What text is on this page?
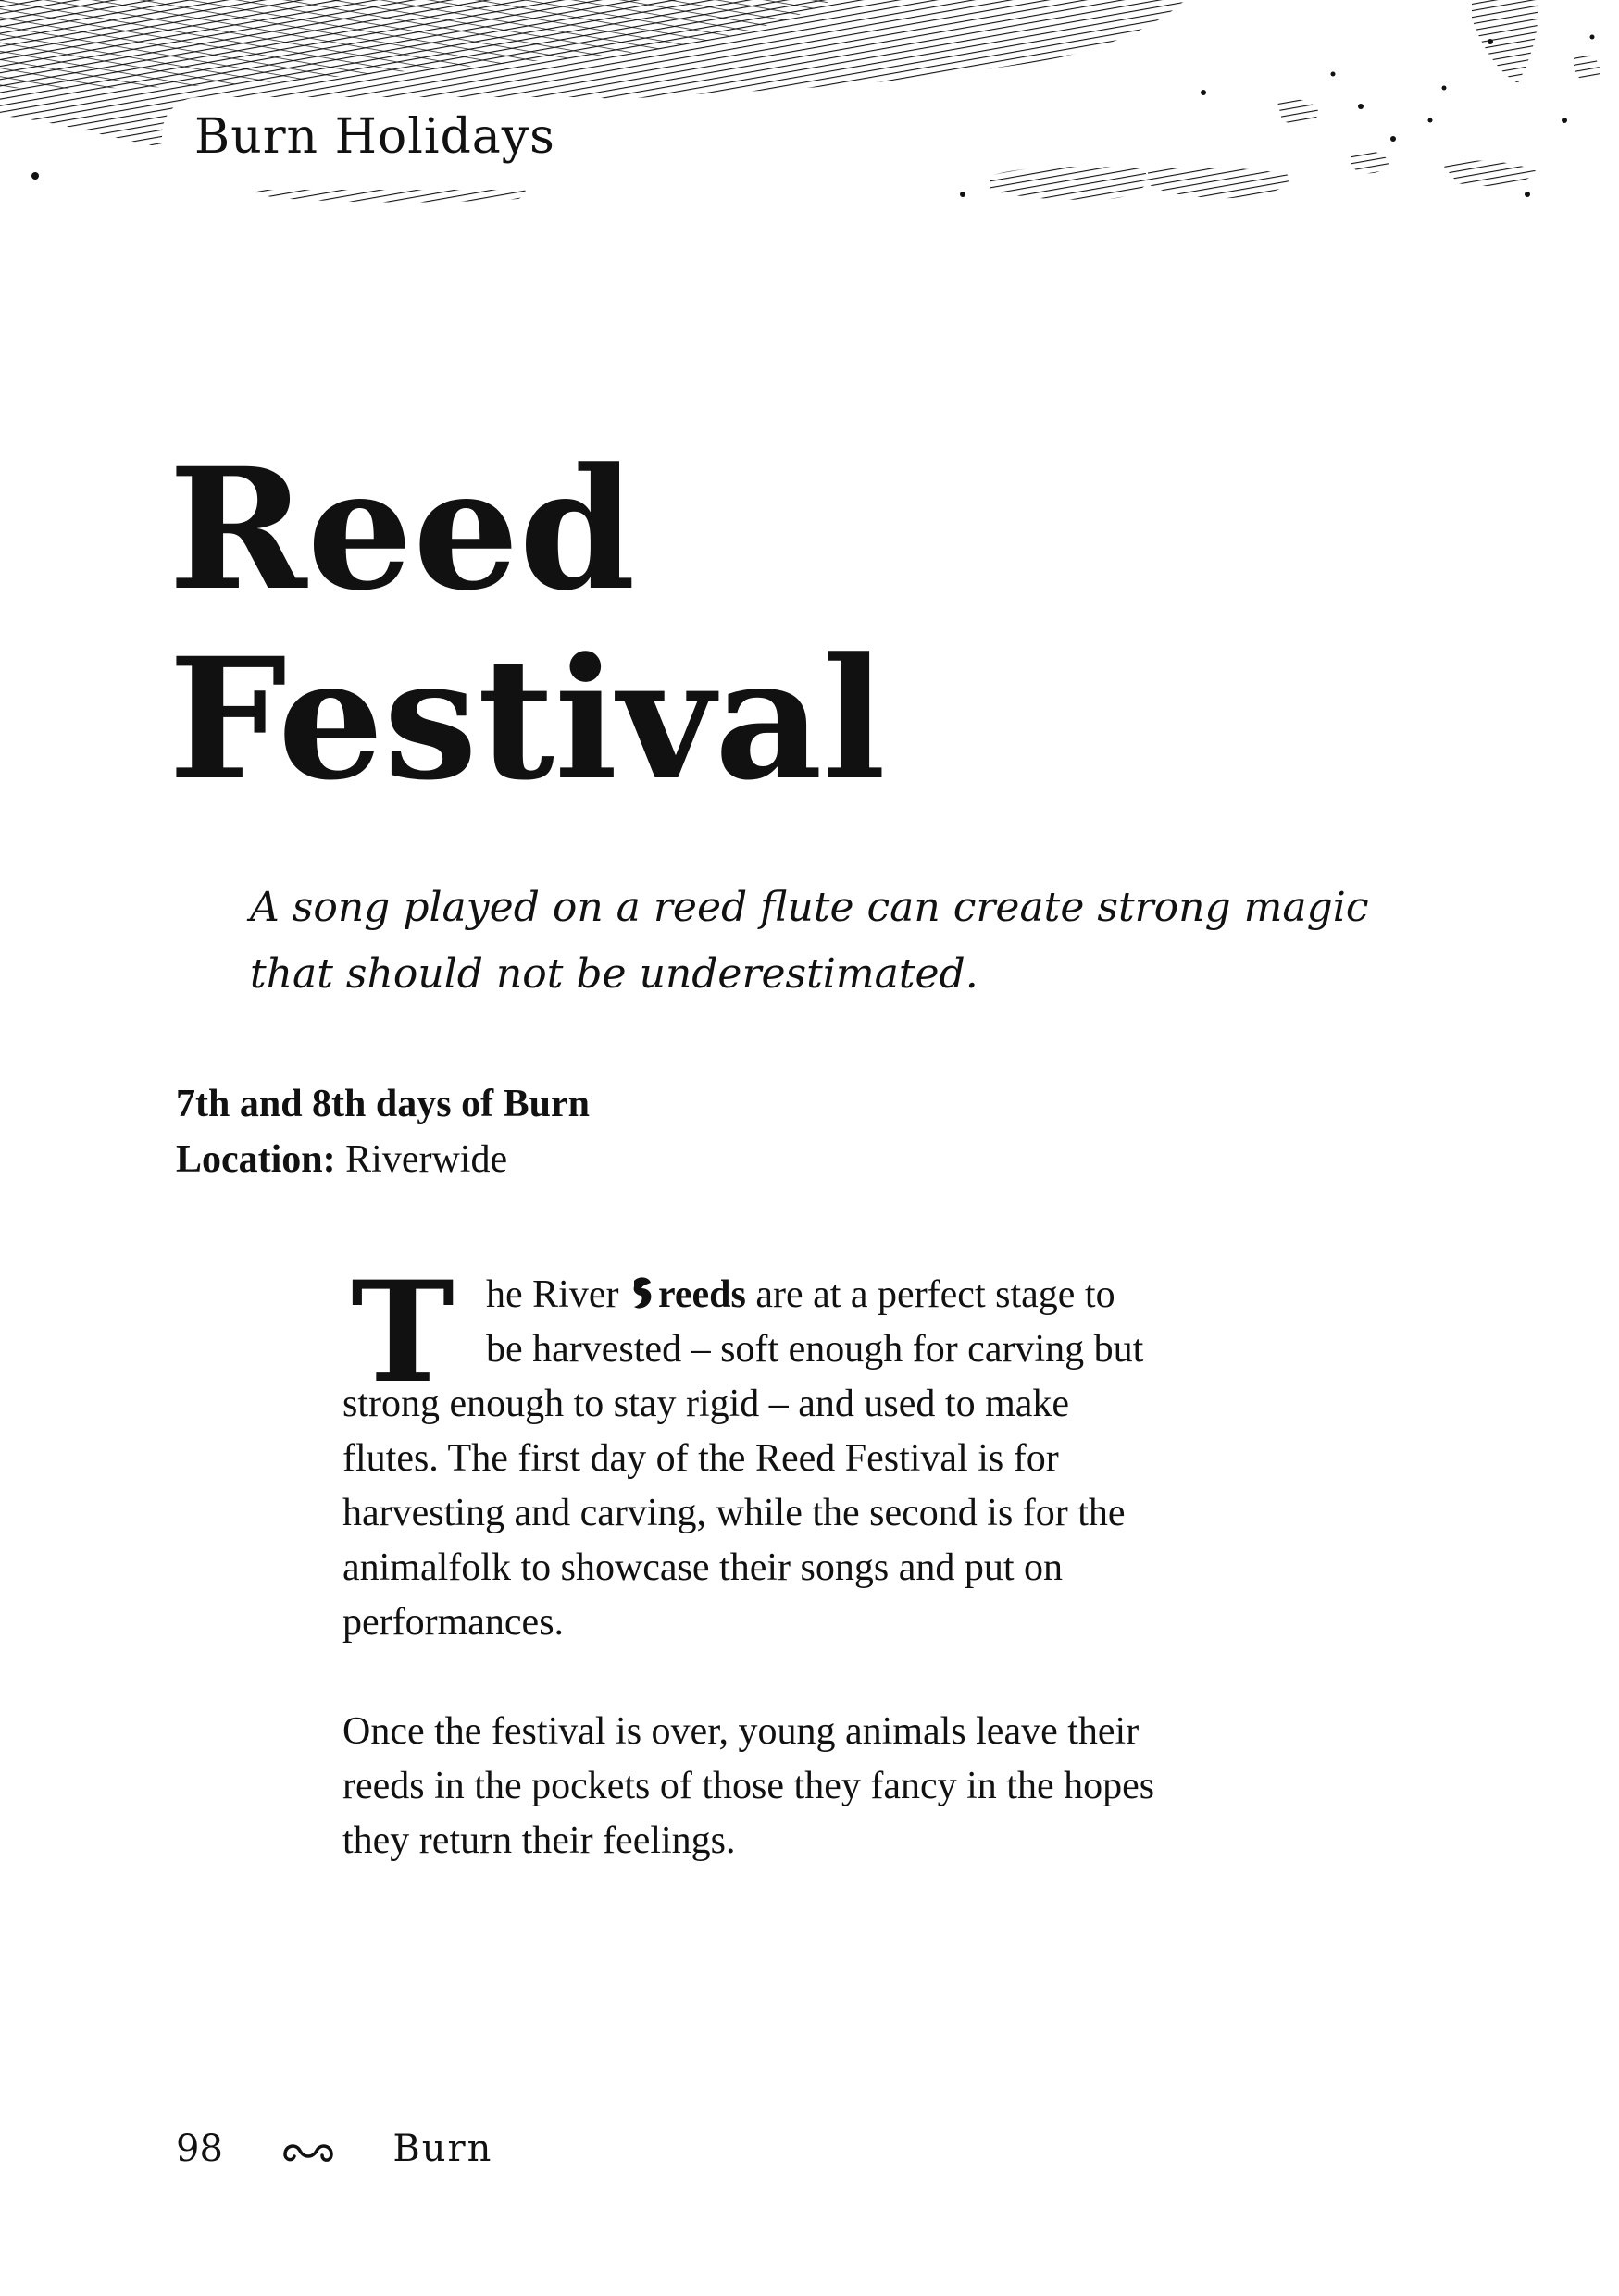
Burn Holidays
Reed
Festival

A song played on a reed flute can create strong magic
that should not be underestimated.

7th and 8th days of Burn
Location: Riverwide
T he River reeds are at a perfect stage to
be harvested – soft enough for carving but
strong enough to stay rigid – and used to make
flutes. The first day of the Reed Festival is for
harvesting and carving, while the second is for the
animalfolk to showcase their songs and put on
performances.
Once the festival is over, young animals leave their
reeds in the pockets of those they fancy in the hopes
they return their feelings.
98	Burn
